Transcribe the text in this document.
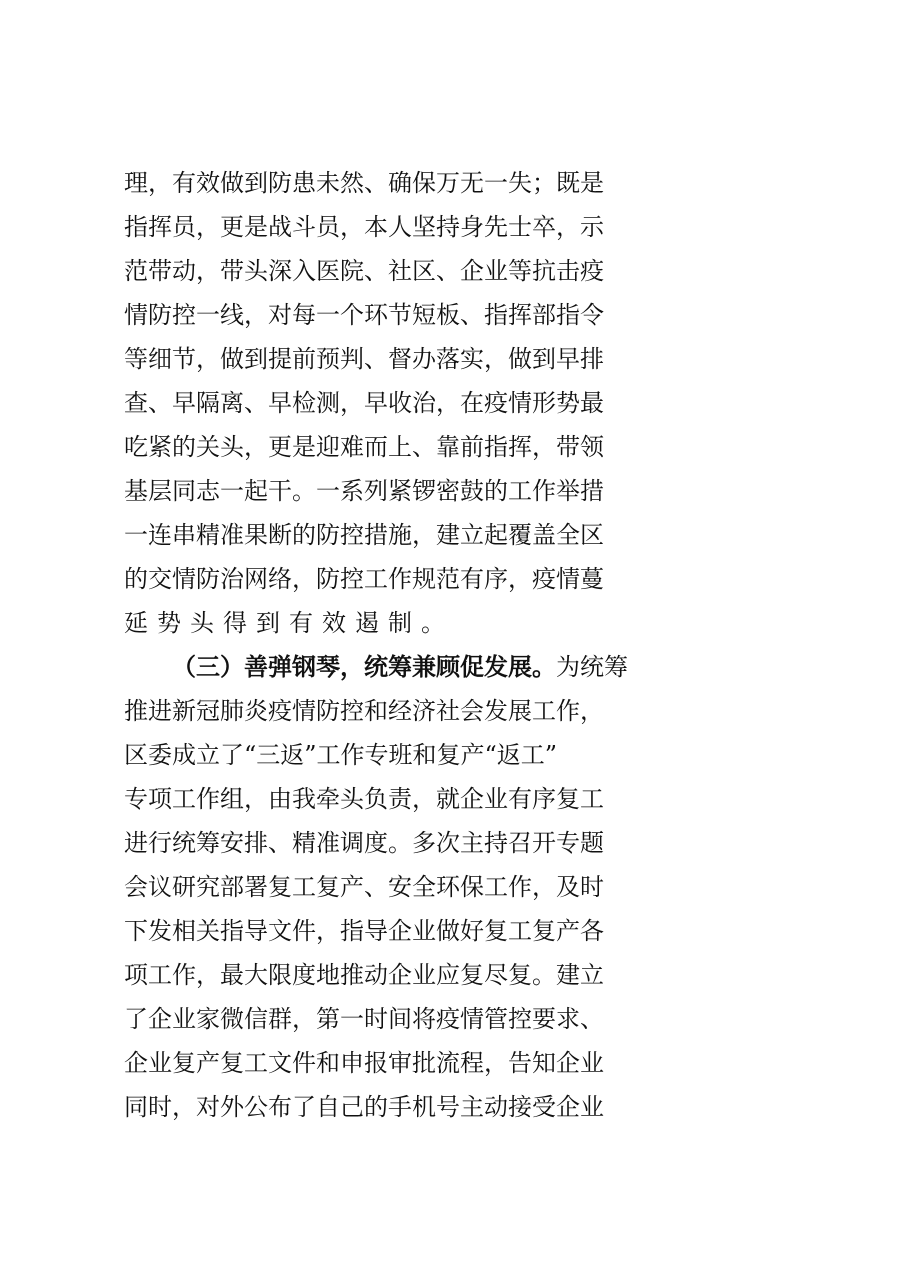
理，有效做到防患未然、确保万无一失；既是
指挥员，更是战斗员，本人坚持身先士卒，示
范带动，带头深入医院、社区、企业等抗击疫
情防控一线，对每一个环节短板、指挥部指令
等细节，做到提前预判、督办落实，做到早排
查、早隔离、早检测，早收治，在疫情形势最
吃紧的关头，更是迎难而上、靠前指挥，带领
基层同志一起干。一系列紧锣密鼓的工作举措
一连串精准果断的防控措施，建立起覆盖全区
的交情防治网络，防控工作规范有序，疫情蔓
延势头得到有效遏制。
（三）善弹钢琴，统筹兼顾促发展。为统筹
推进新冠肺炎疫情防控和经济社会发展工作，
区委成立了“三返”工作专班和复产“返工”
专项工作组，由我牵头负责，就企业有序复工
进行统筹安排、精准调度。多次主持召开专题
会议研究部署复工复产、安全环保工作，及时
下发相关指导文件，指导企业做好复工复产各
项工作，最大限度地推动企业应复尽复。建立
了企业家微信群，第一时间将疫情管控要求、
企业复产复工文件和申报审批流程，告知企业
同时，对外公布了自己的手机号主动接受企业
